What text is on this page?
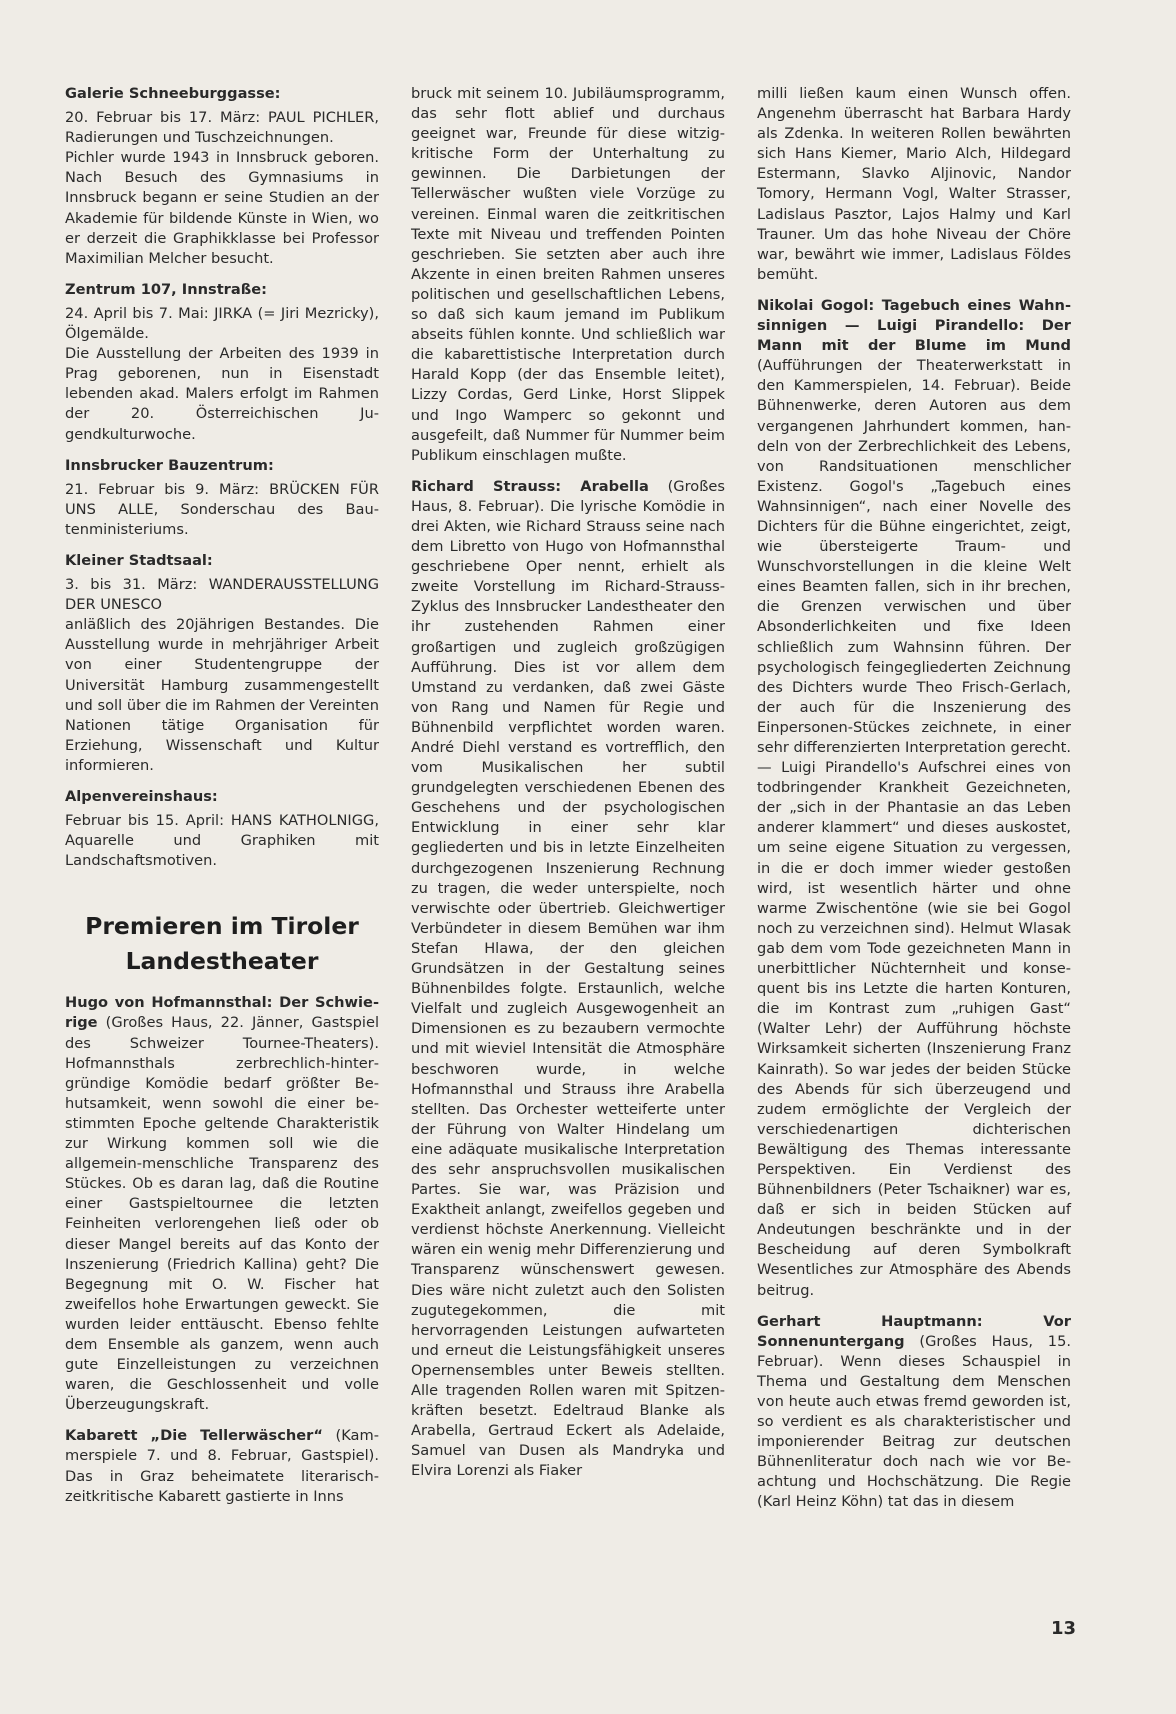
Galerie Schneeburggasse:

20. Februar bis 17. März: PAUL PICHLER, Radierungen und Tuschzeichnungen.

Pichler wurde 1943 in Innsbruck geboren. Nach Besuch des Gymnasiums in Innsbruck begann er seine Studien an der Akademie für bildende Künste in Wien, wo er derzeit die Graphikklasse bei Professor Maximilian Melcher besucht.

Zentrum 107, Innstraße:

24. April bis 7. Mai: JIRKA (= Jiri Mezricky), Ölgemälde.

Die Ausstellung der Arbeiten des 1939 in Prag geborenen, nun in Eisenstadt lebenden akad. Malers erfolgt im Rahmen der 20. Österreichischen Jugendkulturwoche.

Innsbrucker Bauzentrum:

21. Februar bis 9. März: BRÜCKEN FÜR UNS ALLE, Sonderschau des Bautenministeriums.

Kleiner Stadtsaal:

3. bis 31. März: WANDERAUSSTELLUNG DER UNESCO

anläßlich des 20jährigen Bestandes. Die Ausstellung wurde in mehrjähriger Arbeit von einer Studentengruppe der Universität Hamburg zusammengestellt und soll über die im Rahmen der Vereinten Nationen tätige Organisation für Erziehung, Wissenschaft und Kultur informieren.

Alpenvereinshaus:

Februar bis 15. April: HANS KATHOLNIGG, Aquarelle und Graphiken mit Landschaftsmotiven.

Premieren im Tiroler
Landestheater

Hugo von Hofmannsthal: Der Schwierige (Großes Haus, 22. Jänner, Gastspiel des Schweizer Tournee-Theaters). Hofmannsthals zerbrechlich-hintergründige Komödie bedarf größter Behutsamkeit, wenn sowohl die einer bestimmten Epoche geltende Charakteristik zur Wirkung kommen soll wie die allgemein-menschliche Transparenz des Stückes. Ob es daran lag, daß die Routine einer Gastspieltournee die letzten Feinheiten verlorengehen ließ oder ob dieser Mangel bereits auf das Konto der Inszenierung (Friedrich Kallina) geht? Die Begegnung mit O. W. Fischer hat zweifellos hohe Erwartungen geweckt. Sie wurden leider enttäuscht. Ebenso fehlte dem Ensemble als ganzem, wenn auch gute Einzelleistungen zu verzeichnen waren, die Geschlossenheit und volle Überzeugungskraft.

Kabarett „Die Tellerwäscher“ (Kammerspiele 7. und 8. Februar, Gastspiel). Das in Graz beheimatete literarisch-zeitkritische Kabarett gastierte in Inns

bruck mit seinem 10. Jubiläumsprogramm, das sehr flott ablief und durchaus geeignet war, Freunde für diese witzig-kritische Form der Unterhaltung zu gewinnen. Die Darbietungen der Tellerwäscher wußten viele Vorzüge zu vereinen. Einmal waren die zeitkritischen Texte mit Niveau und treffenden Pointen geschrieben. Sie setzten aber auch ihre Akzente in einen breiten Rahmen unseres politischen und gesellschaftlichen Lebens, so daß sich kaum jemand im Publikum abseits fühlen konnte. Und schließlich war die kabarettistische Interpretation durch Harald Kopp (der das Ensemble leitet), Lizzy Cordas, Gerd Linke, Horst Slippek und Ingo Wamperc so gekonnt und ausgefeilt, daß Nummer für Nummer beim Publikum einschlagen mußte.

Richard Strauss: Arabella (Großes Haus, 8. Februar). Die lyrische Komödie in drei Akten, wie Richard Strauss seine nach dem Libretto von Hugo von Hofmannsthal geschriebene Oper nennt, erhielt als zweite Vorstellung im Richard-Strauss-Zyklus des Innsbrucker Landestheater den ihr zustehenden Rahmen einer großartigen und zugleich großzügigen Aufführung. Dies ist vor allem dem Umstand zu verdanken, daß zwei Gäste von Rang und Namen für Regie und Bühnenbild verpflichtet worden waren. André Diehl verstand es vortrefflich, den vom Musikalischen her subtil grundgelegten verschiedenen Ebenen des Geschehens und der psychologischen Entwicklung in einer sehr klar gegliederten und bis in letzte Einzelheiten durchgezogenen Inszenierung Rechnung zu tragen, die weder unterspielte, noch verwischte oder übertrieb. Gleichwertiger Verbündeter in diesem Bemühen war ihm Stefan Hlawa, der den gleichen Grundsätzen in der Gestaltung seines Bühnenbildes folgte. Erstaunlich, welche Vielfalt und zugleich Ausgewogenheit an Dimensionen es zu bezaubern vermochte und mit wieviel Intensität die Atmosphäre beschworen wurde, in welche Hofmannsthal und Strauss ihre Arabella stellten. Das Orchester wetteiferte unter der Führung von Walter Hindelang um eine adäquate musikalische Interpretation des sehr anspruchsvollen musikalischen Partes. Sie war, was Präzision und Exaktheit anlangt, zweifellos gegeben und verdienst höchste Anerkennung. Vielleicht wären ein wenig mehr Differenzierung und Transparenz wünschenswert gewesen. Dies wäre nicht zuletzt auch den Solisten zugutegekommen, die mit hervorragenden Leistungen aufwarteten und erneut die Leistungsfähigkeit unseres Opernensembles unter Beweis stellten. Alle tragenden Rollen waren mit Spitzenkräften besetzt. Edeltraud Blanke als Arabella, Gertraud Eckert als Adelaide, Samuel van Dusen als Mandryka und Elvira Lorenzi als Fiaker

milli ließen kaum einen Wunsch offen. Angenehm überrascht hat Barbara Hardy als Zdenka. In weiteren Rollen bewährten sich Hans Kiemer, Mario Alch, Hildegard Estermann, Slavko Aljinovic, Nandor Tomory, Hermann Vogl, Walter Strasser, Ladislaus Pasztor, Lajos Halmy und Karl Trauner. Um das hohe Niveau der Chöre war, bewährt wie immer, Ladislaus Földes bemüht.

Nikolai Gogol: Tagebuch eines Wahnsinnigen — Luigi Pirandello: Der Mann mit der Blume im Mund (Aufführungen der Theaterwerkstatt in den Kammerspielen, 14. Februar). Beide Bühnenwerke, deren Autoren aus dem vergangenen Jahrhundert kommen, handeln von der Zerbrechlichkeit des Lebens, von Randsituationen menschlicher Existenz. Gogol's „Tagebuch eines Wahnsinnigen“, nach einer Novelle des Dichters für die Bühne eingerichtet, zeigt, wie übersteigerte Traum- und Wunschvorstellungen in die kleine Welt eines Beamten fallen, sich in ihr brechen, die Grenzen verwischen und über Absonderlichkeiten und fixe Ideen schließlich zum Wahnsinn führen. Der psychologisch feingegliederten Zeichnung des Dichters wurde Theo Frisch-Gerlach, der auch für die Inszenierung des Einpersonen-Stückes zeichnete, in einer sehr differenzierten Interpretation gerecht. — Luigi Pirandello's Aufschrei eines von todbringender Krankheit Gezeichneten, der „sich in der Phantasie an das Leben anderer klammert“ und dieses auskostet, um seine eigene Situation zu vergessen, in die er doch immer wieder gestoßen wird, ist wesentlich härter und ohne warme Zwischentöne (wie sie bei Gogol noch zu verzeichnen sind). Helmut Wlasak gab dem vom Tode gezeichneten Mann in unerbittlicher Nüchternheit und konsequent bis ins Letzte die harten Konturen, die im Kontrast zum „ruhigen Gast“ (Walter Lehr) der Aufführung höchste Wirksamkeit sicherten (Inszenierung Franz Kainrath). So war jedes der beiden Stücke des Abends für sich überzeugend und zudem ermöglichte der Vergleich der verschiedenartigen dichterischen Bewältigung des Themas interessante Perspektiven. Ein Verdienst des Bühnenbildners (Peter Tschaikner) war es, daß er sich in beiden Stücken auf Andeutungen beschränkte und in der Bescheidung auf deren Symbolkraft Wesentliches zur Atmosphäre des Abends beitrug.

Gerhart Hauptmann: Vor Sonnenuntergang (Großes Haus, 15. Februar). Wenn dieses Schauspiel in Thema und Gestaltung dem Menschen von heute auch etwas fremd geworden ist, so verdient es als charakteristischer und imponierender Beitrag zur deutschen Bühnenliteratur doch nach wie vor Beachtung und Hochschätzung. Die Regie (Karl Heinz Köhn) tat das in diesem

13
